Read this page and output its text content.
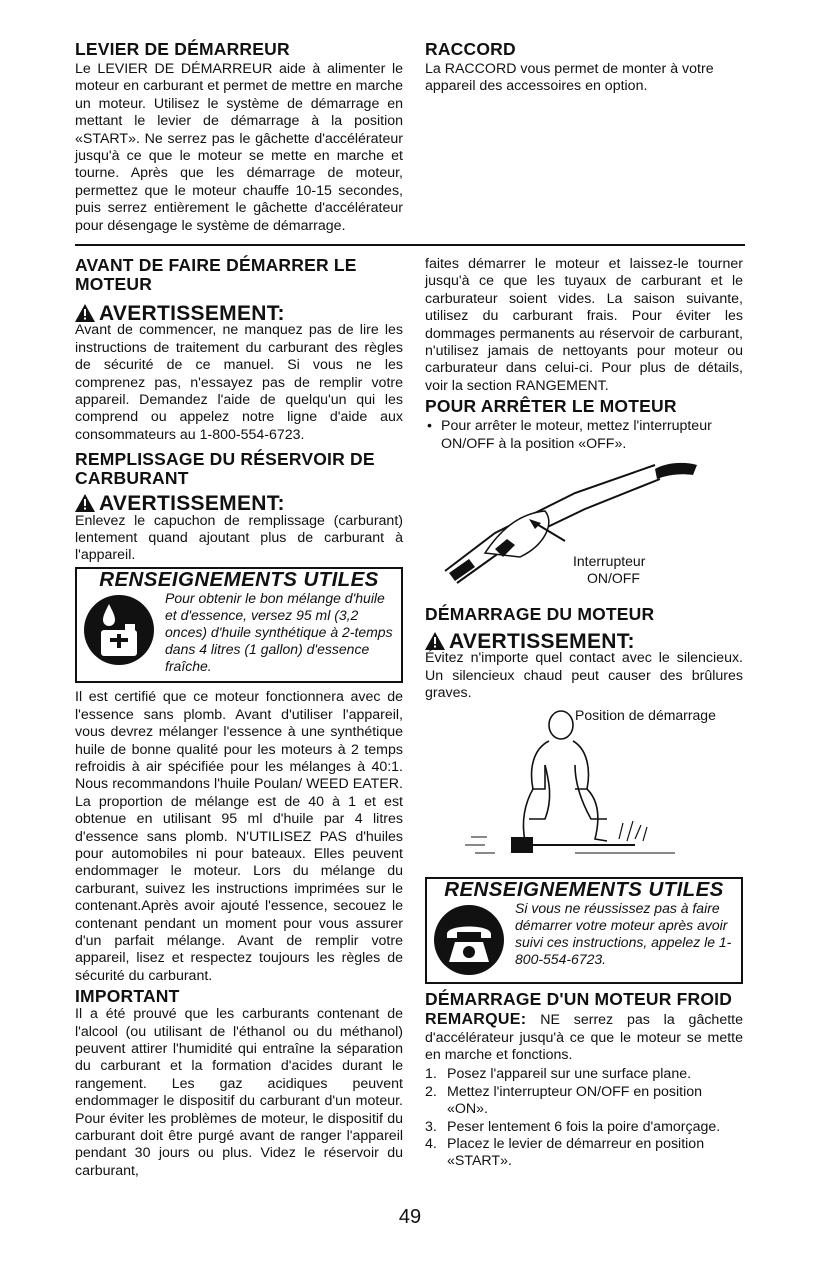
LEVIER DE DÉMARREUR

Le LEVIER DE DÉMARREUR aide à alimenter le moteur en carburant et permet de mettre en marche un moteur. Utilisez le système de démarrage en mettant le levier de démarrage à la position «START». Ne serrez pas le gâchette d'accélérateur jusqu'à ce que le moteur se mette en marche et tourne. Après que les démarrage de moteur, permettez que le moteur chauffe 10-15 secondes, puis serrez entièrement le gâchette d'accélérateur pour désengage le système de démarrage.

RACCORD

La RACCORD vous permet de monter à votre appareil des accessoires en option.

AVANT DE FAIRE DÉMARRER LE MOTEUR
AVERTISSEMENT:

Avant de commencer, ne manquez pas de lire les instructions de traitement du carburant des règles de sécurité de ce manuel. Si vous ne les comprenez pas, n'essayez pas de remplir votre appareil. Demandez l'aide de quelqu'un qui les comprend ou appelez notre ligne d'aide aux consommateurs au 1-800-554-6723.

REMPLISSAGE DU RÉSERVOIR DE CARBURANT
AVERTISSEMENT:

Enlevez le capuchon de remplissage (carburant) lentement quand ajoutant plus de carburant à l'appareil.

RENSEIGNEMENTS UTILES
Pour obtenir le bon mélange d'huile et d'essence, versez 95 ml (3,2 onces) d'huile synthétique à 2-temps dans 4 litres (1 gallon) d'essence fraîche.

Il est certifié que ce moteur fonctionnera avec de l'essence sans plomb. Avant d'utiliser l'appareil, vous devrez mélanger l'essence à une synthétique huile de bonne qualité pour les moteurs à 2 temps refroidis à air spécifiée pour les mélanges à 40:1. Nous recommandons l'huile Poulan/ WEED EATER. La proportion de mélange est de 40 à 1 et est obtenue en utilisant 95 ml d'huile par 4 litres d'essence sans plomb. N'UTILISEZ PAS d'huiles pour automobiles ni pour bateaux. Elles peuvent endommager le moteur. Lors du mélange du carburant, suivez les instructions imprimées sur le contenant.Après avoir ajouté l'essence, secouez le contenant pendant un moment pour vous assurer d'un parfait mélange. Avant de remplir votre appareil, lisez et respectez toujours les règles de sécurité du carburant.

IMPORTANT

Il a été prouvé que les carburants contenant de l'alcool (ou utilisant de l'éthanol ou du méthanol) peuvent attirer l'humidité qui entraîne la séparation du carburant et la formation d'acides durant le rangement. Les gaz acidiques peuvent endommager le dispositif du carburant d'un moteur. Pour éviter les problèmes de moteur, le dispositif du carburant doit être purgé avant de ranger l'appareil pendant 30 jours ou plus. Videz le réservoir du carburant,

faites démarrer le moteur et laissez-le tourner jusqu'à ce que les tuyaux de carburant et le carburateur soient vides. La saison suivante, utilisez du carburant frais. Pour éviter les dommages permanents au réservoir de carburant, n'utilisez jamais de nettoyants pour moteur ou carburateur dans celui-ci. Pour plus de détails, voir la section RANGEMENT.

POUR ARRÊTER LE MOTEUR
• Pour arrêter le moteur, mettez l'interrupteur ON/OFF à la position «OFF».
Interrupteur
ON/OFF
DÉMARRAGE DU MOTEUR
AVERTISSEMENT:

Évitez n'importe quel contact avec le silencieux. Un silencieux chaud peut causer des brûlures graves.

Position de démarrage
RENSEIGNEMENTS UTILES
Si vous ne réussissez pas à faire démarrer votre moteur après avoir suivi ces instructions, appelez le 1-800-554-6723.
DÉMARRAGE D'UN MOTEUR FROID

REMARQUE: NE serrez pas la gâchette d'accélérateur jusqu'à ce que le moteur se mette en marche et fonctions.

1. Posez l'appareil sur une surface plane.
2. Mettez l'interrupteur ON/OFF en position «ON».
3. Peser lentement 6 fois la poire d'amorçage.
4. Placez le levier de démarreur en position «START».
49
